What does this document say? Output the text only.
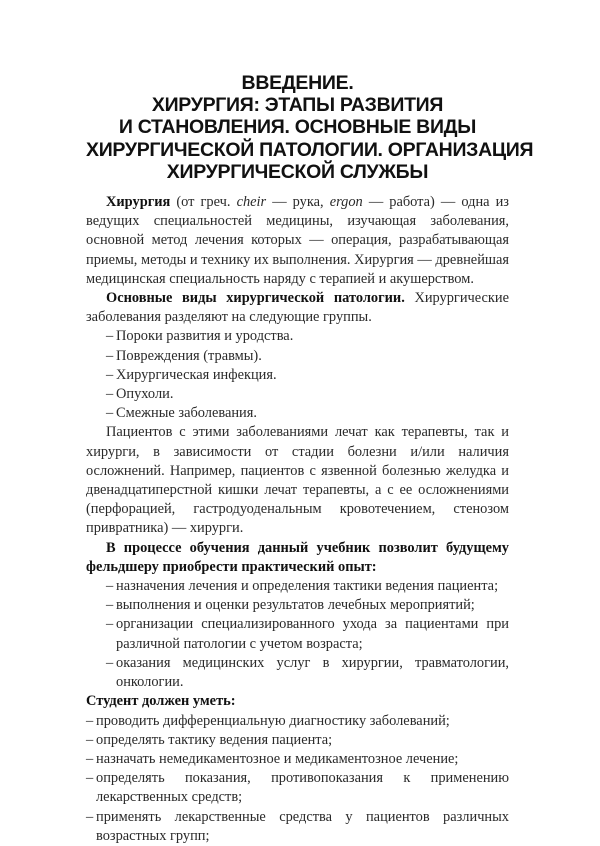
ВВЕДЕНИЕ.
ХИРУРГИЯ: ЭТАПЫ РАЗВИТИЯ
И СТАНОВЛЕНИЯ. ОСНОВНЫЕ ВИДЫ
ХИРУРГИЧЕСКОЙ ПАТОЛОГИИ. ОРГАНИЗАЦИЯ
ХИРУРГИЧЕСКОЙ СЛУЖБЫ

Хирургия (от греч. cheir — рука, ergon — работа) — одна из ведущих специальностей медицины, изучающая заболевания, основной метод лечения которых — операция, разрабатывающая приемы, методы и технику их выполнения. Хирургия — древнейшая медицинская специальность наряду с терапией и акушерством.

Основные виды хирургической патологии. Хирургические заболевания разделяют на следующие группы.

– Пороки развития и уродства.
– Повреждения (травмы).
– Хирургическая инфекция.
– Опухоли.
– Смежные заболевания.

Пациентов с этими заболеваниями лечат как терапевты, так и хирурги, в зависимости от стадии болезни и/или наличия осложнений. Например, пациентов с язвенной болезнью желудка и двенадцатиперстной кишки лечат терапевты, а с ее осложнениями (перфорацией, гастродуоденальным кровотечением, стенозом привратника) — хирурги.

В процессе обучения данный учебник позволит будущему фельдшеру приобрести практический опыт:

– назначения лечения и определения тактики ведения пациента;
– выполнения и оценки результатов лечебных мероприятий;
– организации специализированного ухода за пациентами при различной патологии с учетом возраста;
– оказания медицинских услуг в хирургии, травматологии, онкологии.

Студент должен уметь:

– проводить дифференциальную диагностику заболеваний;
– определять тактику ведения пациента;
– назначать немедикаментозное и медикаментозное лечение;
– определять показания, противопоказания к применению лекарственных средств;
– применять лекарственные средства у пациентов различных возрастных групп;
